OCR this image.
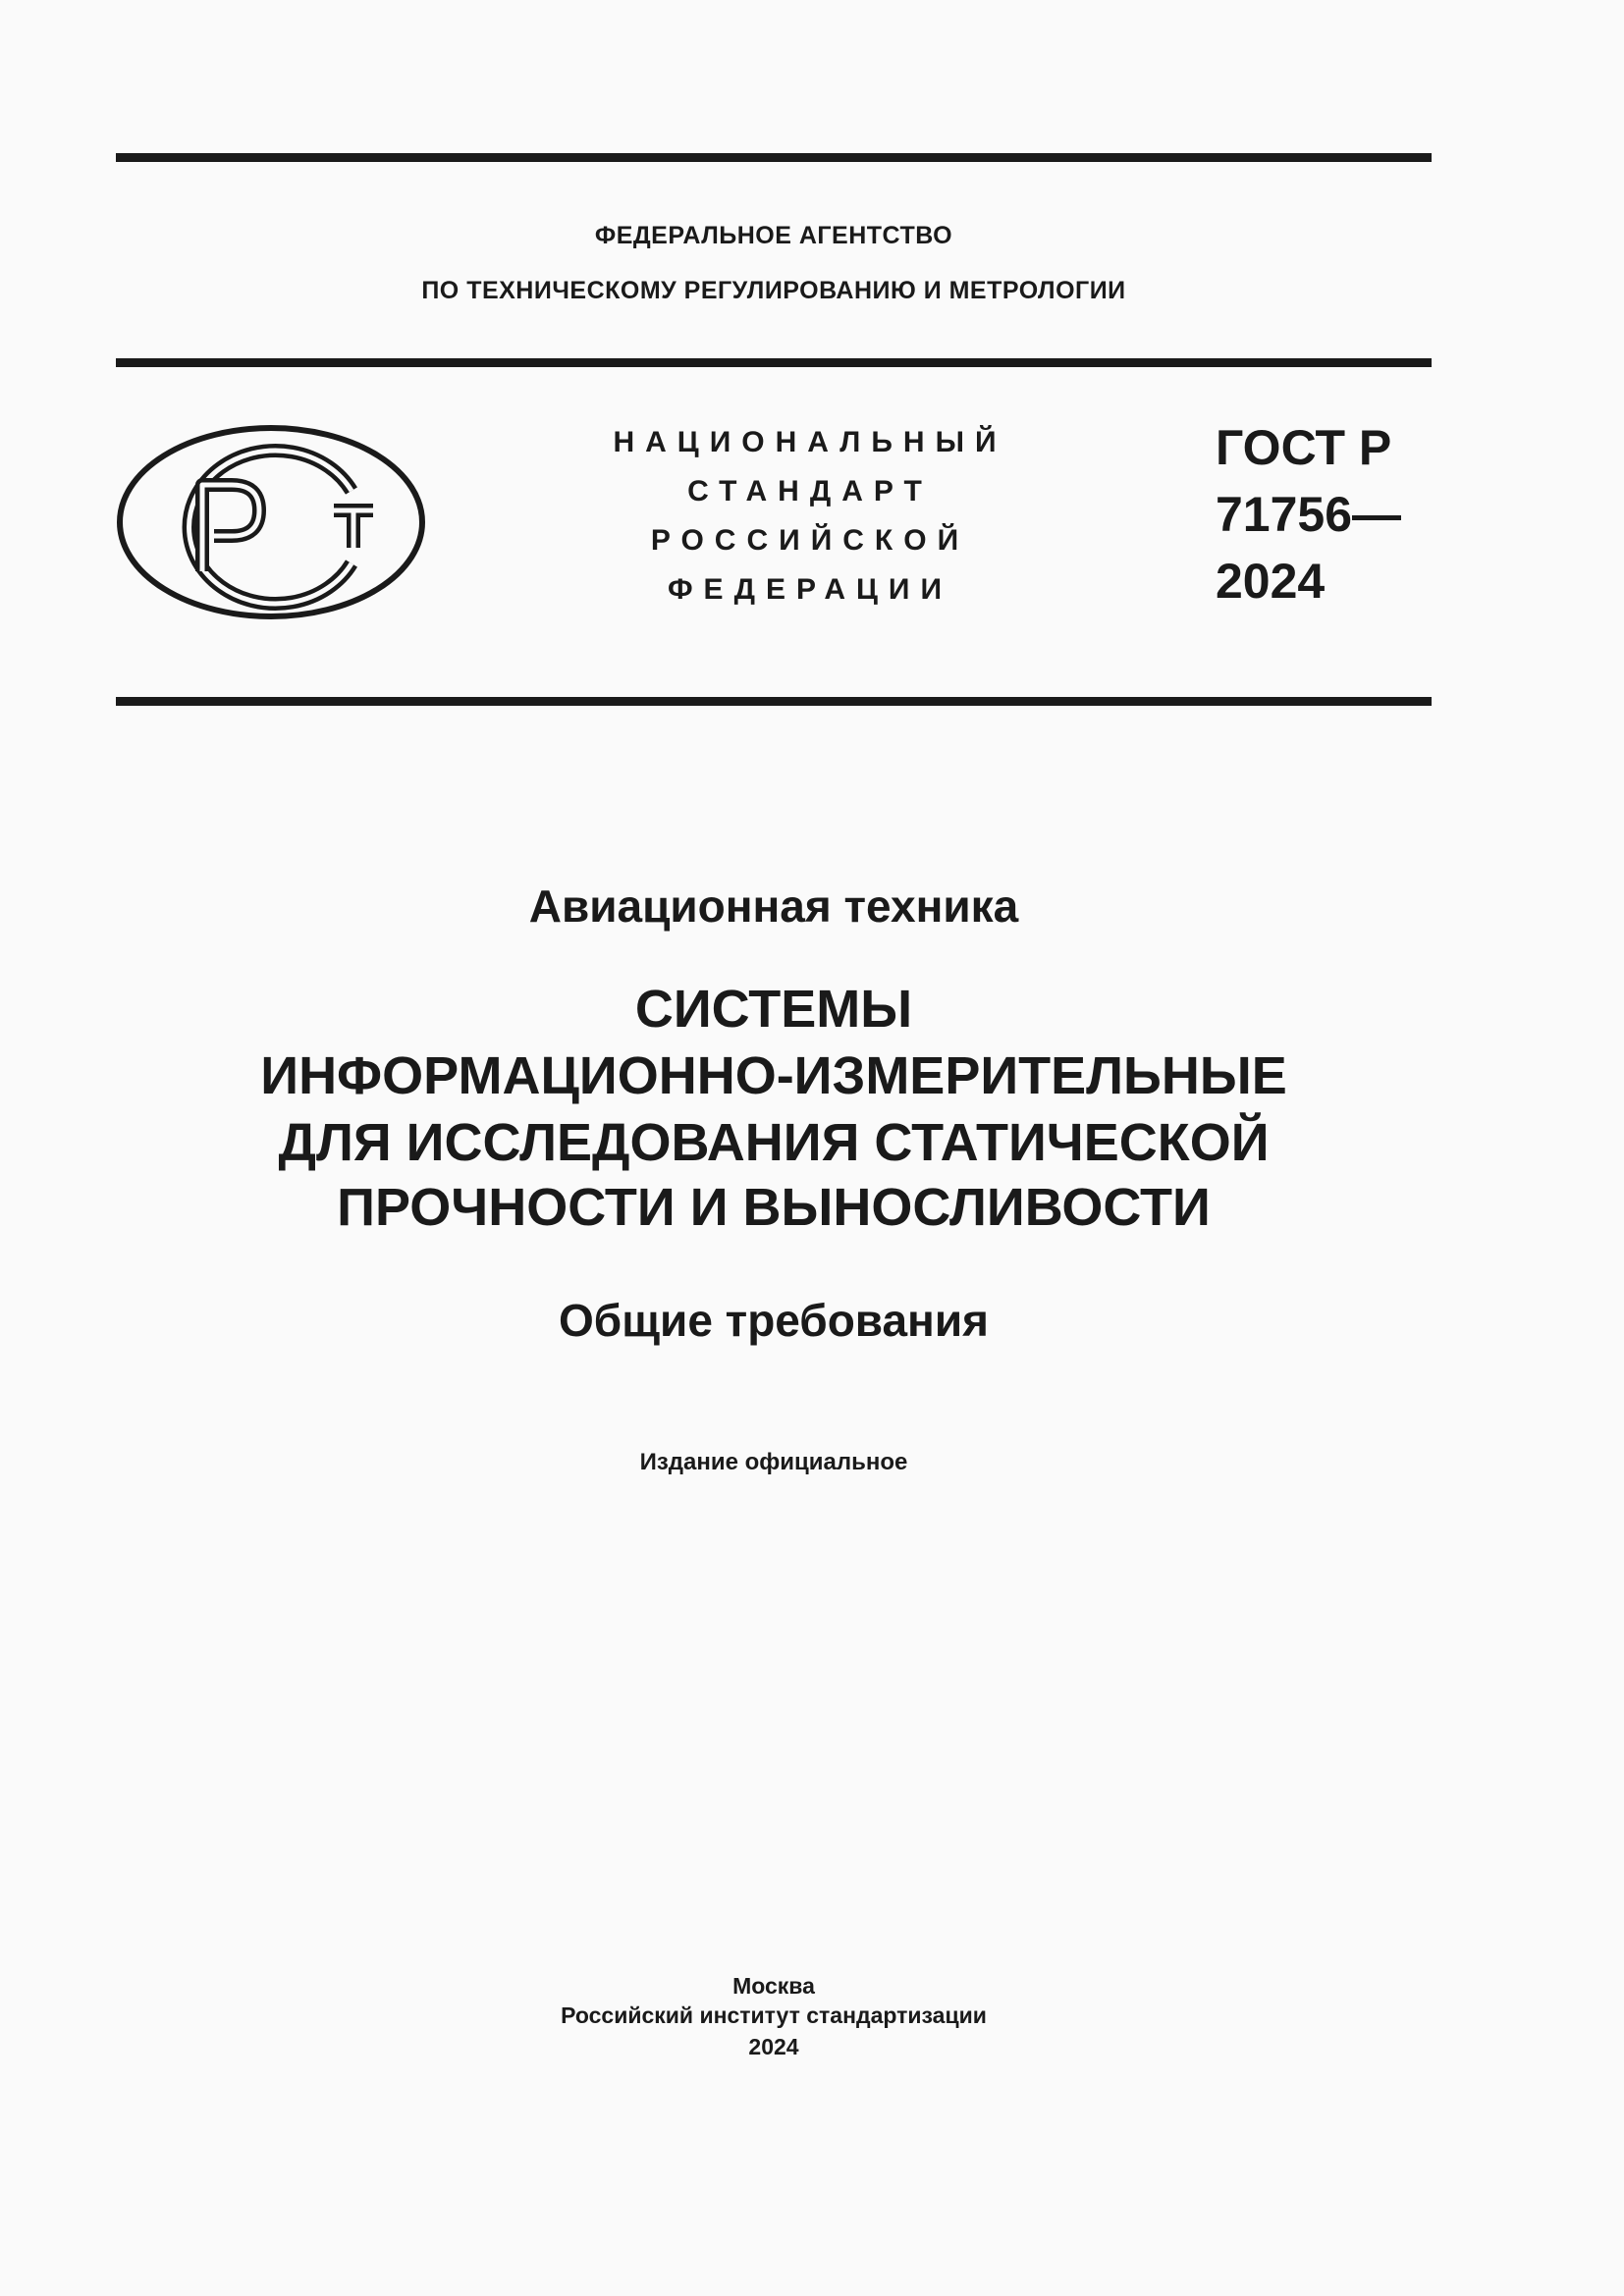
ФЕДЕРАЛЬНОЕ АГЕНТСТВО
ПО ТЕХНИЧЕСКОМУ РЕГУЛИРОВАНИЮ И МЕТРОЛОГИИ
НАЦИОНАЛЬНЫЙ
СТАНДАРТ
РОССИЙСКОЙ
ФЕДЕРАЦИИ
ГОСТ Р
71756—
2024
Авиационная техника
СИСТЕМЫ
ИНФОРМАЦИОННО-ИЗМЕРИТЕЛЬНЫЕ
ДЛЯ ИССЛЕДОВАНИЯ СТАТИЧЕСКОЙ
ПРОЧНОСТИ И ВЫНОСЛИВОСТИ
Общие требования
Издание официальное
Москва
Российский институт стандартизации
2024
